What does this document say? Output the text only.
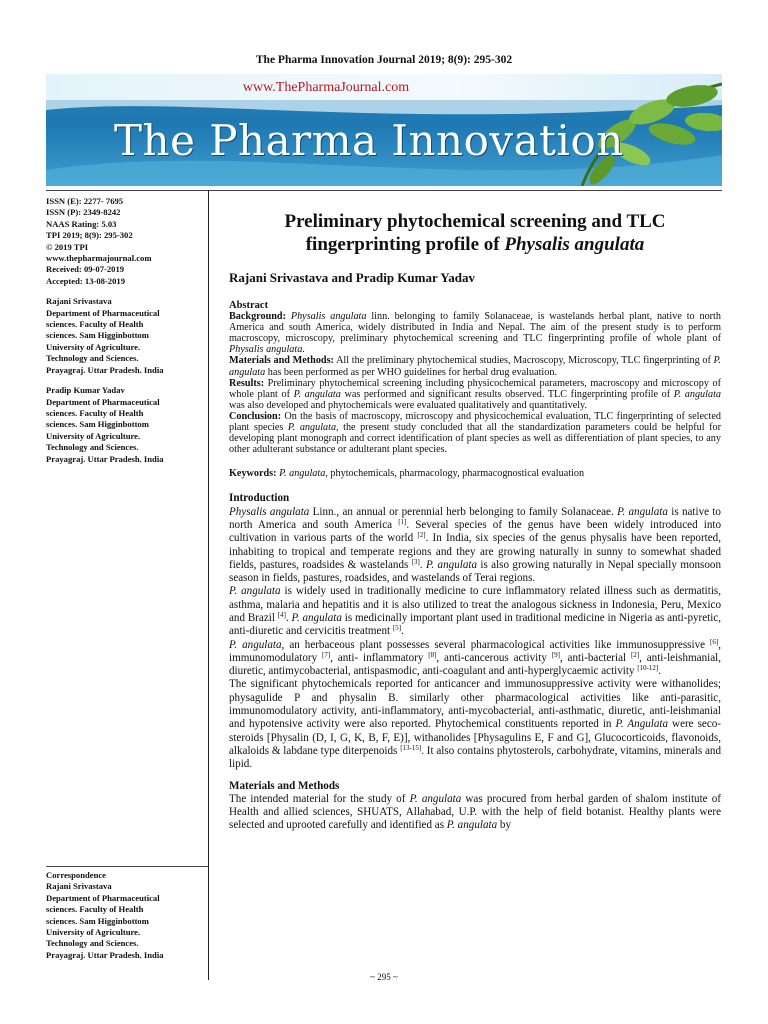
The Pharma Innovation Journal 2019; 8(9): 295-302
www.ThePharmaJournal.com
The Pharma Innovation
ISSN (E): 2277- 7695
ISSN (P): 2349-8242
NAAS Rating: 5.03
TPI 2019; 8(9): 295-302
© 2019 TPI
www.thepharmajournal.com
Received: 09-07-2019
Accepted: 13-08-2019
Rajani Srivastava
Department of Pharmaceutical
sciences. Faculty of Health
sciences. Sam Higginbottom
University of Agriculture.
Technology and Sciences.
Prayagraj. Uttar Pradesh. India
Pradip Kumar Yadav
Department of Pharmaceutical
sciences. Faculty of Health
sciences. Sam Higginbottom
University of Agriculture.
Technology and Sciences.
Prayagraj. Uttar Pradesh. India
Correspondence
Rajani Srivastava
Department of Pharmaceutical
sciences. Faculty of Health
sciences. Sam Higginbottom
University of Agriculture.
Technology and Sciences.
Prayagraj. Uttar Pradesh. India
Preliminary phytochemical screening and TLC
fingerprinting profile of Physalis angulata
Rajani Srivastava and Pradip Kumar Yadav
Abstract

Background: Physalis angulata linn. belonging to family Solanaceae, is wastelands herbal plant, native to north America and south America, widely distributed in India and Nepal. The aim of the present study is to perform macroscopy, microscopy, preliminary phytochemical screening and TLC fingerprinting profile of whole plant of Physalis angulata.

Materials and Methods: All the preliminary phytochemical studies, Macroscopy, Microscopy, TLC fingerprinting of P. angulata has been performed as per WHO guidelines for herbal drug evaluation.

Results: Preliminary phytochemical screening including physicochemical parameters, macroscopy and microscopy of whole plant of P. angulata was performed and significant results observed. TLC fingerprinting profile of P. angulata was also developed and phytochemicals were evaluated qualitatively and quantitatively.

Conclusion: On the basis of macroscopy, microscopy and physicochemical evaluation, TLC fingerprinting of selected plant species P. angulata, the present study concluded that all the standardization parameters could be helpful for developing plant monograph and correct identification of plant species as well as differentiation of plant species, to any other adulterant substance or adulterant plant species.

Keywords: P. angulata, phytochemicals, pharmacology, pharmacognostical evaluation

Introduction

Physalis angulata Linn., an annual or perennial herb belonging to family Solanaceae. P. angulata is native to north America and south America [1]. Several species of the genus have been widely introduced into cultivation in various parts of the world [2]. In India, six species of the genus physalis have been reported, inhabiting to tropical and temperate regions and they are growing naturally in sunny to somewhat shaded fields, pastures, roadsides & wastelands [3]. P. angulata is also growing naturally in Nepal specially monsoon season in fields, pastures, roadsides, and wastelands of Terai regions.

P. angulata is widely used in traditionally medicine to cure inflammatory related illness such as dermatitis, asthma, malaria and hepatitis and it is also utilized to treat the analogous sickness in Indonesia, Peru, Mexico and Brazil [4]. P. angulata is medicinally important plant used in traditional medicine in Nigeria as anti-pyretic, anti-diuretic and cervicitis treatment [5].

P. angulata, an herbaceous plant possesses several pharmacological activities like immunosuppressive [6], immunomodulatory [7], anti- inflammatory [8], anti-cancerous activity [9], anti-bacterial [2], anti-leishmanial, diuretic, antimycobacterial, antispasmodic, anti-coagulant and anti-hyperglycaemic activity [10-12].

The significant phytochemicals reported for anticancer and immunosuppressive activity were withanolides; physagulide P and physalin B. similarly other pharmacological activities like anti-parasitic, immunomodulatory activity, anti-inflammatory, anti-mycobacterial, anti-asthmatic, diuretic, anti-leishmanial and hypotensive activity were also reported. Phytochemical constituents reported in P. Angulata were seco- steroids [Physalin (D, I, G, K, B, F, E)], withanolides [Physagulins E, F and G], Glucocorticoids, flavonoids, alkaloids & labdane type diterpenoids [13-15]. It also contains phytosterols, carbohydrate, vitamins, minerals and lipid.

Materials and Methods

The intended material for the study of P. angulata was procured from herbal garden of shalom institute of Health and allied sciences, SHUATS, Allahabad, U.P. with the help of field botanist. Healthy plants were selected and uprooted carefully and identified as P. angulata by

~ 295 ~
